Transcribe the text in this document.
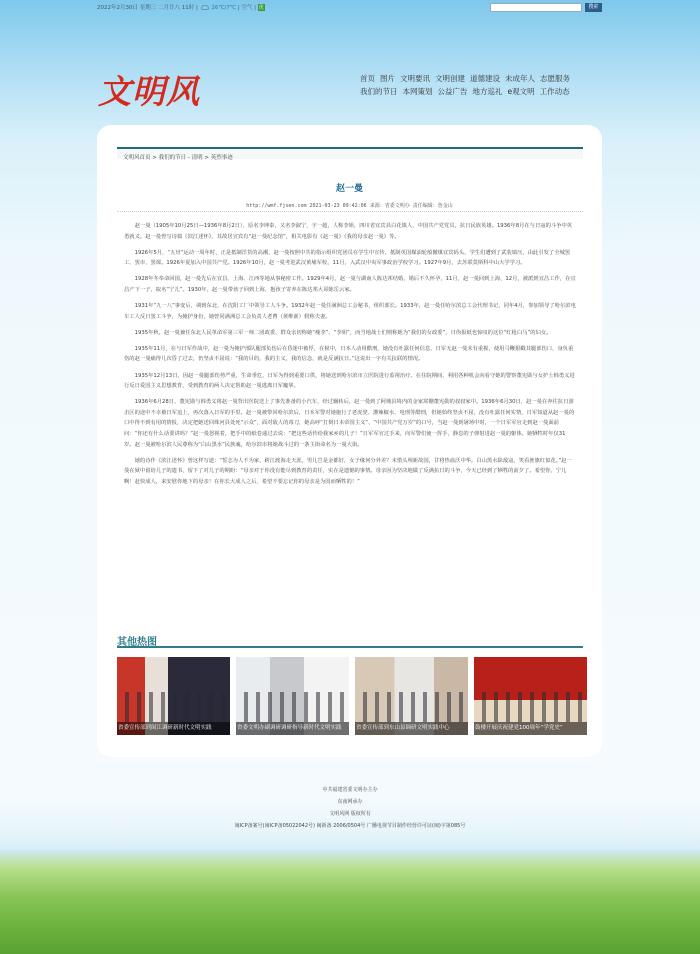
2022年2月30日 星期三 二月廿八 11时 |  26℃/7℃ | 空气 | 优	搜索
文明风	首页 图片 文明要讯 文明创建 道德建设 未成年人 志愿服务
我们的节日 本网策划 公益广告 地方巡礼 e观文明 工作动态
文明风首页 > 我们的节日 - 清明 > 英烈事迹
赵一曼
http://wmf.fjsen.com 2021-03-23 09:42:06 来源：省委文明办 责任编辑：詹金山

赵一曼（1905年10月25日—1936年8月2日），原名李坤泰，又名李淑宁，字一超，人称李姐，四川省宜宾县白花镇人，中国共产党党员，抗日民族英雄。1936年8月在与日寇的斗争中英勇就义。赵一曼曾写诗篇《滨江述怀》，其故居宣宾有“赵一曼纪念馆”，相关电影有《赵一曼》《我的母亲赵一曼》等。

1926年5月，“五卅”运动一周年时，正是抵制洋货的高潮，赵一曼按照中共的指示组织党团员在学生中宣传，抵制英国煤油轮船撤煤宜宾码头，学生们遭到了武装镇压，由此引发了全城罢工、罢市、罢课。1926年夏加入中国共产党。1926年10月，赵一曼考进武汉黄埔军校，11月，入武汉中央军事政治学校学习。1927年9月，去苏联莫斯科中山大学学习。

1928年冬奉命回国，赵一曼先后在宜昌、上海、江西等地从事秘密工作。1929年4月，赵一曼与湖南人陈达邦结婚，婚后不久怀孕，11月，赵一曼回到上海，12月，被派到宜昌工作，在宜昌产下一子，取名“宁儿”。1930年，赵一曼带孩子回到上海，抱孩子寄养在陈达邦大哥陈岳云家。

1931年“九一八”事变后，调到东北，在沈阳工厂中领导工人斗争。1932年赵一曼任满洲总工会秘书，组织部长。1933年，赵一曼任哈尔滨总工会代理书记，同年4月，参加领导了哈尔滨电车工人反日罢工斗争，为掩护身份，她曾同满洲总工会负责人老曹（黄维新）假称夫妻。

1935年秋，赵一曼兼任东北人民革命军第三军一师二团政委，群众亲切称她“瘦李”、“李姐”，而当地战士们则称她为“我们的女政委”，日伪报纸也惊叹的这位“红枪白马”的妇女。

1935年11月，在与日军作战中，赵一曼为掩护部队腿部负伤后在昏迷中被俘，在狱中，日本人动用酷刑，她没有吐露任何信息，日军无赵一曼未有重握，使用马鞭狠戳其腿部伤口，身负重伤的赵一曼痛得几次昏了过去，仍坚贞不屈说：“我的目的，我的主义，我的信念，就是反满抗日。”这说出一字有关抗联的情况。

1935年12月13日，因赵一曼腿部伤势严重，生命垂危，日军为得到重要口供，将她送到哈尔滨市立医院进行监视治疗。在住院期间，利用各种机会向看守她的警察董宪勋与女护士韩勇义进行反日爱国主义思想教育，受到教育的两人决定帮助赵一曼逃离日军魔掌。

1936年6月28日，董宪勋与韩勇义将赵一曼背出医院送上了事先准备的小汽车，经过辗转后，赵一曼到了阿城县境内的金家窝棚董宪勋的叔叔家中。1936年6月30日，赵一曼在奔往抗日游击区的途中不幸被日军追上，再次落入日军的手里。赵一曼被带回哈尔滨后，日本军警对她施行了老虎凳、灌辣椒水、电刑等酷刑，但她始终坚贞不屈，没有吐露任何实情，日军知道从赵一曼的口中得不到有用的情报，决定把她送回珠河县处死“示众”，面对敌人的毒刀，她高呼“打倒日本帝国主义”、“中国共产党万岁”的口号，当赵一曼到屠场中时，一个日军军官走到赵一曼面前问：“你还有什么话要讲吗？”赵一曼怒视着，把手中的纸卷递过去说：“把这些话传给我家乡的儿子！”日军军官过手来，向军警们使一挥手，静息的子弹射进赵一曼的躯体，她牺牲时年仅31岁。赵一曼被哈尔滨人民尊称为“白山黑水”民族魂，哈尔滨市将她战斗过的一条主街命名为一曼大街。

她的诗作《滨江述怀》曾这样写道：“誓志为人不为家，跨江渡海走天涯。男儿岂是金都好，女子缘何分外差？未惜头颅新故国，甘将热血沃中华。白山黑水除敌寇，笑看旌旗红似花。”赵一曼在狱中留给儿子的遗书，留下了对儿子的期盼：“母亲对于你没有能尽到教育的责任，实在是遗憾的事情。母亲因为坚决地做了反满抗日的斗争，今天已经到了牺牲的前夕了。希望你，宁儿啊！赶快成人，来安慰你地下的母亲！在你长大成人之后，希望不要忘记你的母亲是为国而牺牲的！”

其他热图
省委宣传部到闽江调研新时代文明实践	省委文明办副调研调研指导新时代文明实践	省委宣传部到东山县调研文明实践中心	鼓楼开展庆祝建党100周年“学党史”
中共福建省委文明办主办
东南网承办
文明风网 版权所有
闽ICP备案号(闽ICP备05022042号) 闽新备 2006/0504号 广播电视节目制作经营许可证(闽)字第085号
